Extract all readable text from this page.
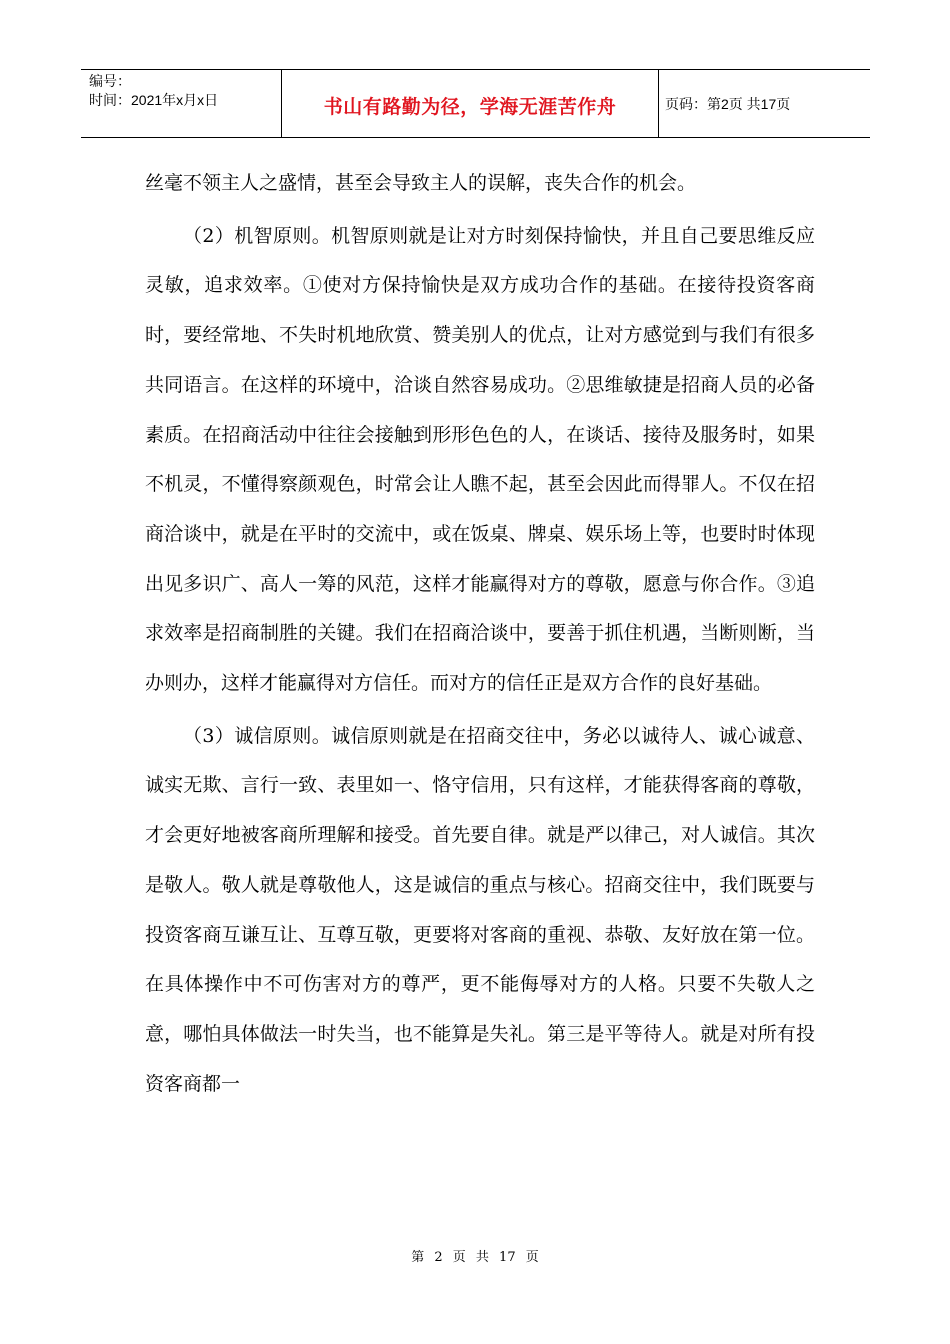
编号：
时间：2021年x月x日	书山有路勤为径，学海无涯苦作舟	页码：第2页 共17页

丝毫不领主人之盛情，甚至会导致主人的误解，丧失合作的机会。

（2）机智原则。机智原则就是让对方时刻保持愉快，并且自己要思维反应灵敏，追求效率。①使对方保持愉快是双方成功合作的基础。在接待投资客商时，要经常地、不失时机地欣赏、赞美别人的优点，让对方感觉到与我们有很多共同语言。在这样的环境中，洽谈自然容易成功。②思维敏捷是招商人员的必备素质。在招商活动中往往会接触到形形色色的人，在谈话、接待及服务时，如果不机灵，不懂得察颜观色，时常会让人瞧不起，甚至会因此而得罪人。不仅在招商洽谈中，就是在平时的交流中，或在饭桌、牌桌、娱乐场上等，也要时时体现出见多识广、高人一筹的风范，这样才能赢得对方的尊敬，愿意与你合作。③追求效率是招商制胜的关键。我们在招商洽谈中，要善于抓住机遇，当断则断，当办则办，这样才能赢得对方信任。而对方的信任正是双方合作的良好基础。

（3）诚信原则。诚信原则就是在招商交往中，务必以诚待人、诚心诚意、诚实无欺、言行一致、表里如一、恪守信用，只有这样，才能获得客商的尊敬，才会更好地被客商所理解和接受。首先要自律。就是严以律己，对人诚信。其次是敬人。敬人就是尊敬他人，这是诚信的重点与核心。招商交往中，我们既要与投资客商互谦互让、互尊互敬，更要将对客商的重视、恭敬、友好放在第一位。在具体操作中不可伤害对方的尊严，更不能侮辱对方的人格。只要不失敬人之意，哪怕具体做法一时失当，也不能算是失礼。第三是平等待人。就是对所有投资客商都一

第 2 页 共 17 页
